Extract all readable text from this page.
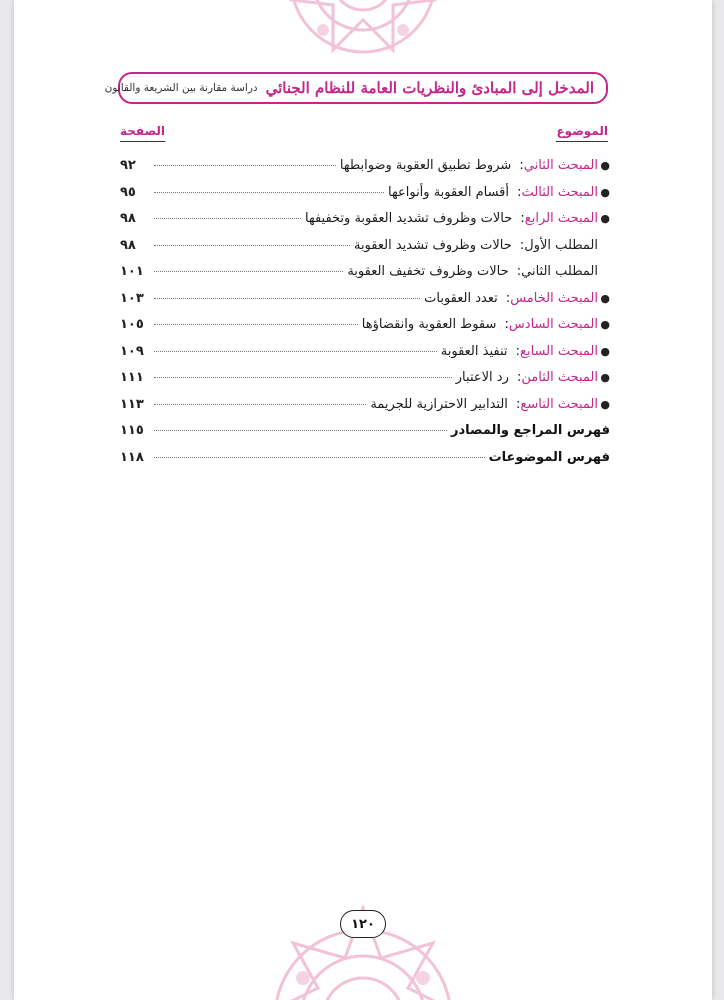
المدخل إلى المبادئ والنظريات العامة للنظام الجنائي
دراسة مقارنة بين الشريعة والقانون
الموضوع
الصفحة
●
المبحث الثاني
:
شروط تطبيق العقوبة وضوابطها
٩٢
●
المبحث الثالث
:
أقسام العقوبة وأنواعها
٩٥
●
المبحث الرابع
:
حالات وظروف تشديد العقوبة وتخفيفها
٩٨
المطلب الأول
:
حالات وظروف تشديد العقوبة
٩٨
المطلب الثاني
:
حالات وظروف تخفيف العقوبة
١٠١
●
المبحث الخامس
:
تعدد العقوبات
١٠٣
●
المبحث السادس
:
سقوط العقوبة وانقضاؤها
١٠٥
●
المبحث السابع
:
تنفيذ العقوبة
١٠٩
●
المبحث الثامن
:
رد الاعتبار
١١١
●
المبحث التاسع
:
التدابير الاحترازية للجريمة
١١٣
فهرس المراجع والمصادر
١١٥
فهرس الموضوعات
١١٨
١٢٠
